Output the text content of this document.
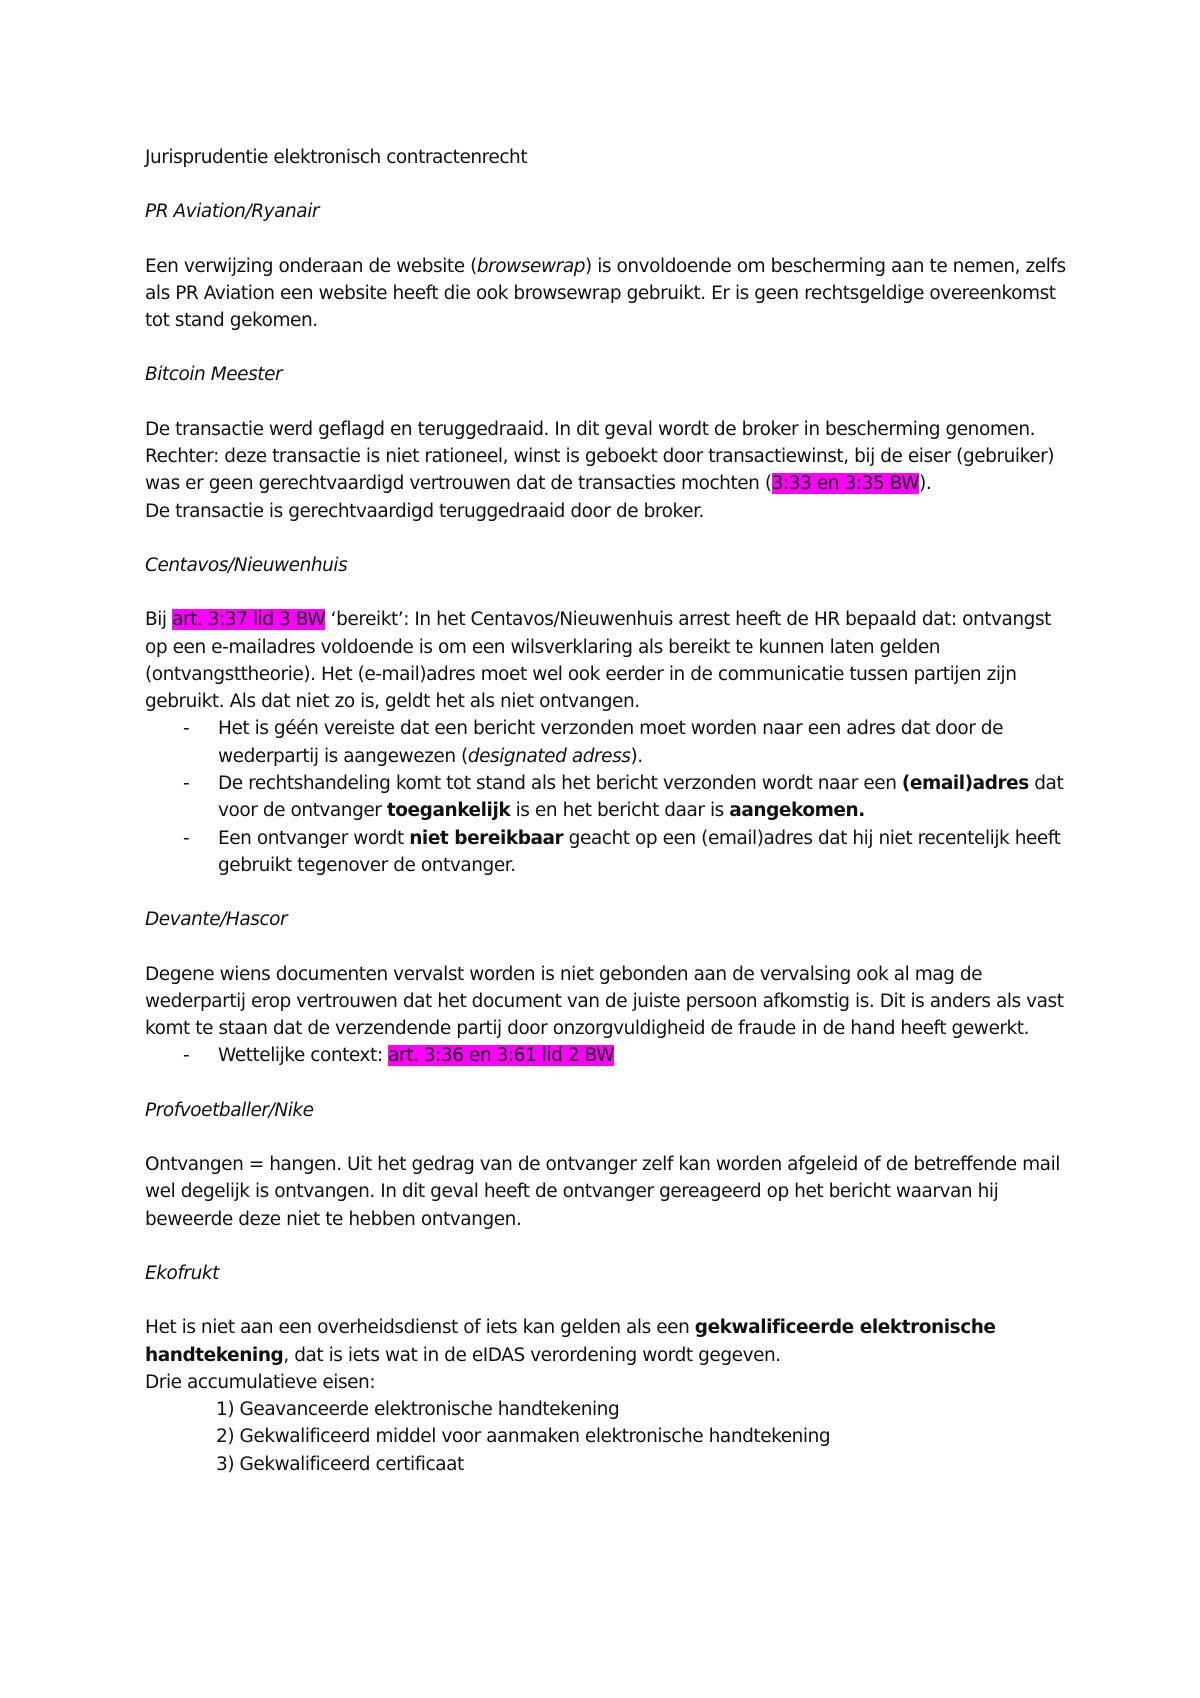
Jurisprudentie elektronisch contractenrecht

PR Aviation/Ryanair

Een verwijzing onderaan de website (browsewrap) is onvoldoende om bescherming aan te nemen, zelfs als PR Aviation een website heeft die ook browsewrap gebruikt. Er is geen rechtsgeldige overeenkomst tot stand gekomen.

Bitcoin Meester

De transactie werd geflagd en teruggedraaid. In dit geval wordt de broker in bescherming genomen. Rechter: deze transactie is niet rationeel, winst is geboekt door transactiewinst, bij de eiser (gebruiker) was er geen gerechtvaardigd vertrouwen dat de transacties mochten (3:33 en 3:35 BW).

De transactie is gerechtvaardigd teruggedraaid door de broker.

Centavos/Nieuwenhuis

Bij art. 3:37 lid 3 BW ‘bereikt’: In het Centavos/Nieuwenhuis arrest heeft de HR bepaald dat: ontvangst op een e-mailadres voldoende is om een wilsverklaring als bereikt te kunnen laten gelden (ontvangsttheorie). Het (e-mail)adres moet wel ook eerder in de communicatie tussen partijen zijn gebruikt. Als dat niet zo is, geldt het als niet ontvangen.

- Het is géén vereiste dat een bericht verzonden moet worden naar een adres dat door de wederpartij is aangewezen (designated adress).
- De rechtshandeling komt tot stand als het bericht verzonden wordt naar een (email)adres dat voor de ontvanger toegankelijk is en het bericht daar is aangekomen.
- Een ontvanger wordt niet bereikbaar geacht op een (email)adres dat hij niet recentelijk heeft gebruikt tegenover de ontvanger.

Devante/Hascor

Degene wiens documenten vervalst worden is niet gebonden aan de vervalsing ook al mag de wederpartij erop vertrouwen dat het document van de juiste persoon afkomstig is. Dit is anders als vast komt te staan dat de verzendende partij door onzorgvuldigheid de fraude in de hand heeft gewerkt.

- Wettelijke context: art. 3:36 en 3:61 lid 2 BW

Profvoetballer/Nike

Ontvangen = hangen. Uit het gedrag van de ontvanger zelf kan worden afgeleid of de betreffende mail wel degelijk is ontvangen. In dit geval heeft de ontvanger gereageerd op het bericht waarvan hij beweerde deze niet te hebben ontvangen.

Ekofrukt

Het is niet aan een overheidsdienst of iets kan gelden als een gekwalificeerde elektronische handtekening, dat is iets wat in de eIDAS verordening wordt gegeven.

Drie accumulatieve eisen:

1) Geavanceerde elektronische handtekening

2) Gekwalificeerd middel voor aanmaken elektronische handtekening

3) Gekwalificeerd certificaat
